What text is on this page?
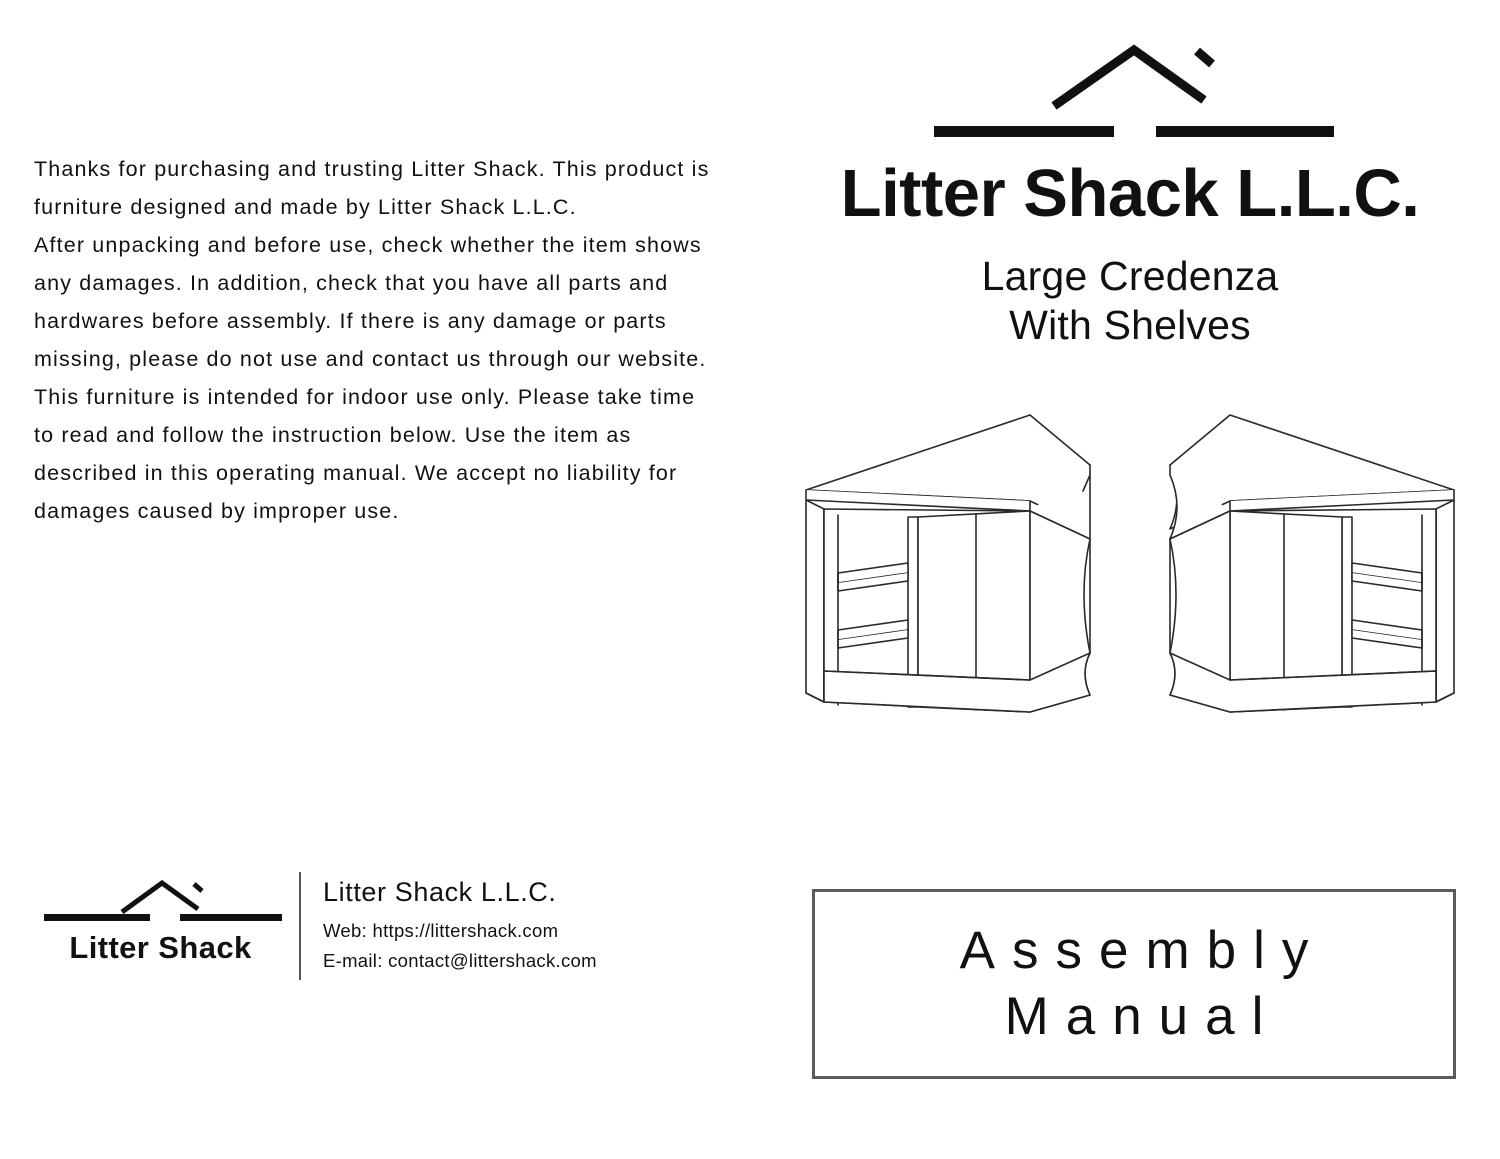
Thanks for purchasing and trusting Litter Shack. This product is furniture designed and made by Litter Shack L.L.C.

After unpacking and before use, check whether the item shows any damages. In addition, check that you have all parts and hardwares before assembly. If there is any damage or parts missing, please do not use and contact us through our website.

This furniture is intended for indoor use only. Please take time to read and follow the instruction below. Use the item as described in this operating manual. We accept no liability for damages caused by improper use.

Litter Shack
Litter Shack L.L.C.
Web: https://littershack.com
E-mail: contact@littershack.com
Litter Shack L.L.C.
Large Credenza
With Shelves
Assembly
Manual
